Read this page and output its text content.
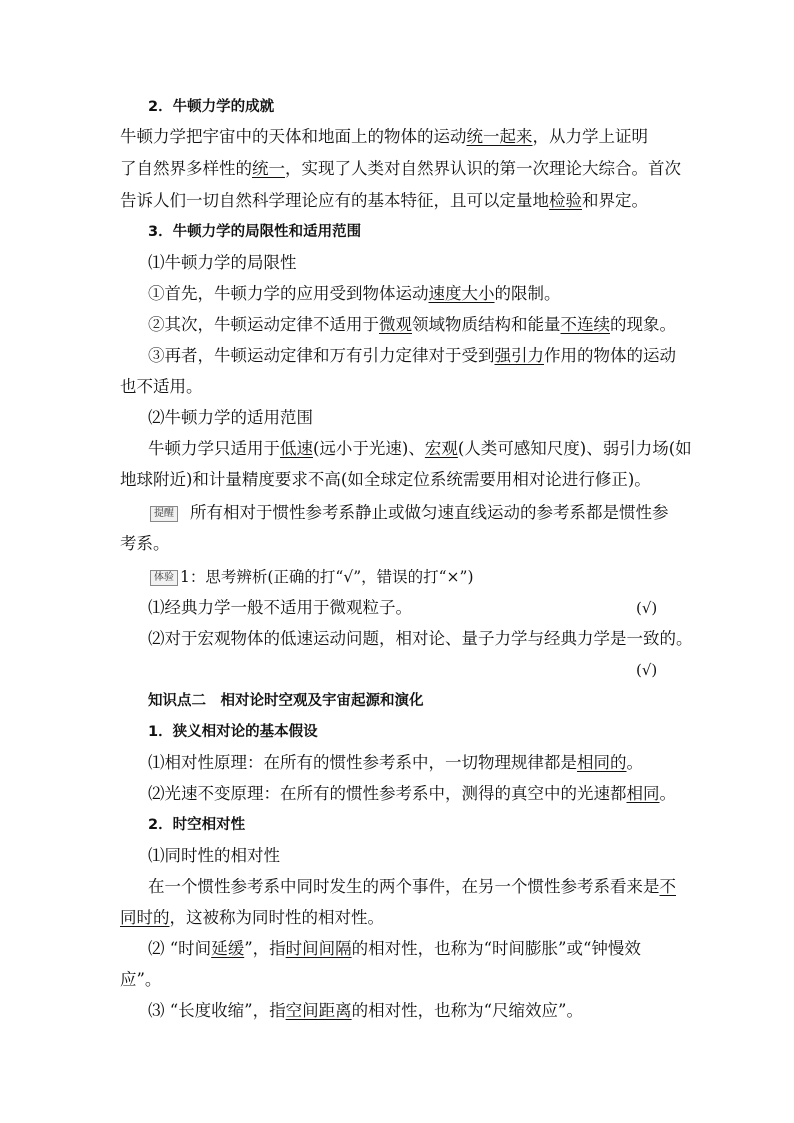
2．牛顿力学的成就
牛顿力学把宇宙中的天体和地面上的物体的运动统一起来，从力学上证明
了自然界多样性的统一，实现了人类对自然界认识的第一次理论大综合。首次
告诉人们一切自然科学理论应有的基本特征，且可以定量地检验和界定。
3．牛顿力学的局限性和适用范围
⑴牛顿力学的局限性
①首先，牛顿力学的应用受到物体运动速度大小的限制。
②其次，牛顿运动定律不适用于微观领域物质结构和能量不连续的现象。
③再者，牛顿运动定律和万有引力定律对于受到强引力作用的物体的运动
也不适用。
⑵牛顿力学的适用范围
牛顿力学只适用于低速(远小于光速)、宏观(人类可感知尺度)、弱引力场(如
地球附近)和计量精度要求不高(如全球定位系统需要用相对论进行修正)。
提醒 所有相对于惯性参考系静止或做匀速直线运动的参考系都是惯性参
考系。
体验 1：思考辨析(正确的打“√”，错误的打“×”)
⑴经典力学一般不适用于微观粒子。	(√)
⑵对于宏观物体的低速运动问题，相对论、量子力学与经典力学是一致的。
(√)
知识点二　相对论时空观及宇宙起源和演化
1．狭义相对论的基本假设
⑴相对性原理：在所有的惯性参考系中，一切物理规律都是相同的。
⑵光速不变原理：在所有的惯性参考系中，测得的真空中的光速都相同。
2．时空相对性
⑴同时性的相对性
在一个惯性参考系中同时发生的两个事件，在另一个惯性参考系看来是不
同时的，这被称为同时性的相对性。
⑵ “时间延缓”，指时间间隔的相对性，也称为“时间膨胀”或“钟慢效
应”。
⑶ “长度收缩”，指空间距离的相对性，也称为“尺缩效应”。
